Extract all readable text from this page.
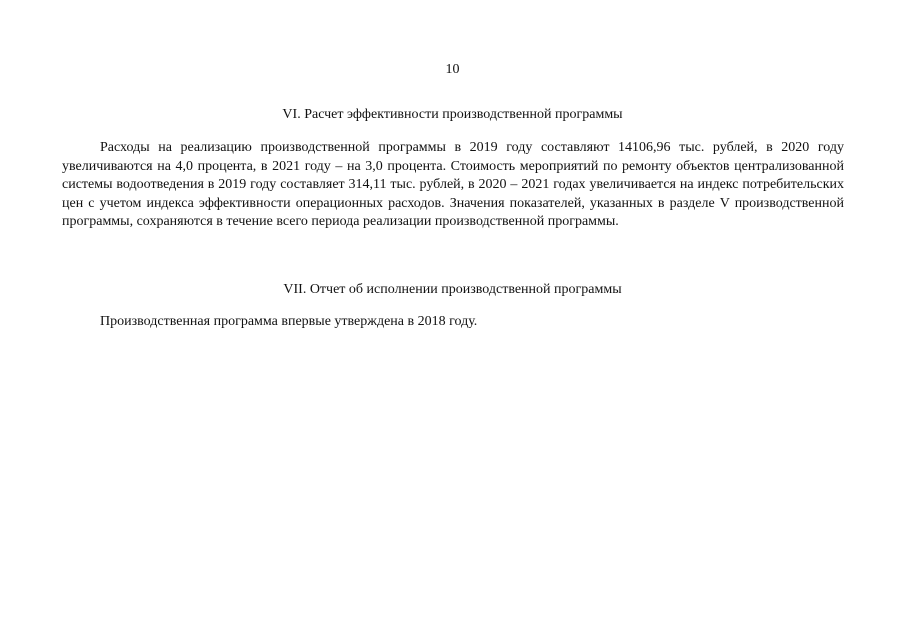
10
VI. Расчет эффективности производственной программы

Расходы на реализацию производственной программы в 2019 году составляют 14106,96 тыс. рублей, в 2020 году увеличиваются на 4,0 процента, в 2021 году – на 3,0 процента. Стоимость мероприятий по ремонту объектов централизованной системы водоотведения в 2019 году составляет 314,11 тыс. рублей, в 2020 – 2021 годах увеличивается на индекс потребительских цен с учетом индекса эффективности операционных расходов. Значения показателей, указанных в разделе V производственной программы, сохраняются в течение всего периода реализации производственной программы.

VII. Отчет об исполнении производственной программы

Производственная программа впервые утверждена в 2018 году.
